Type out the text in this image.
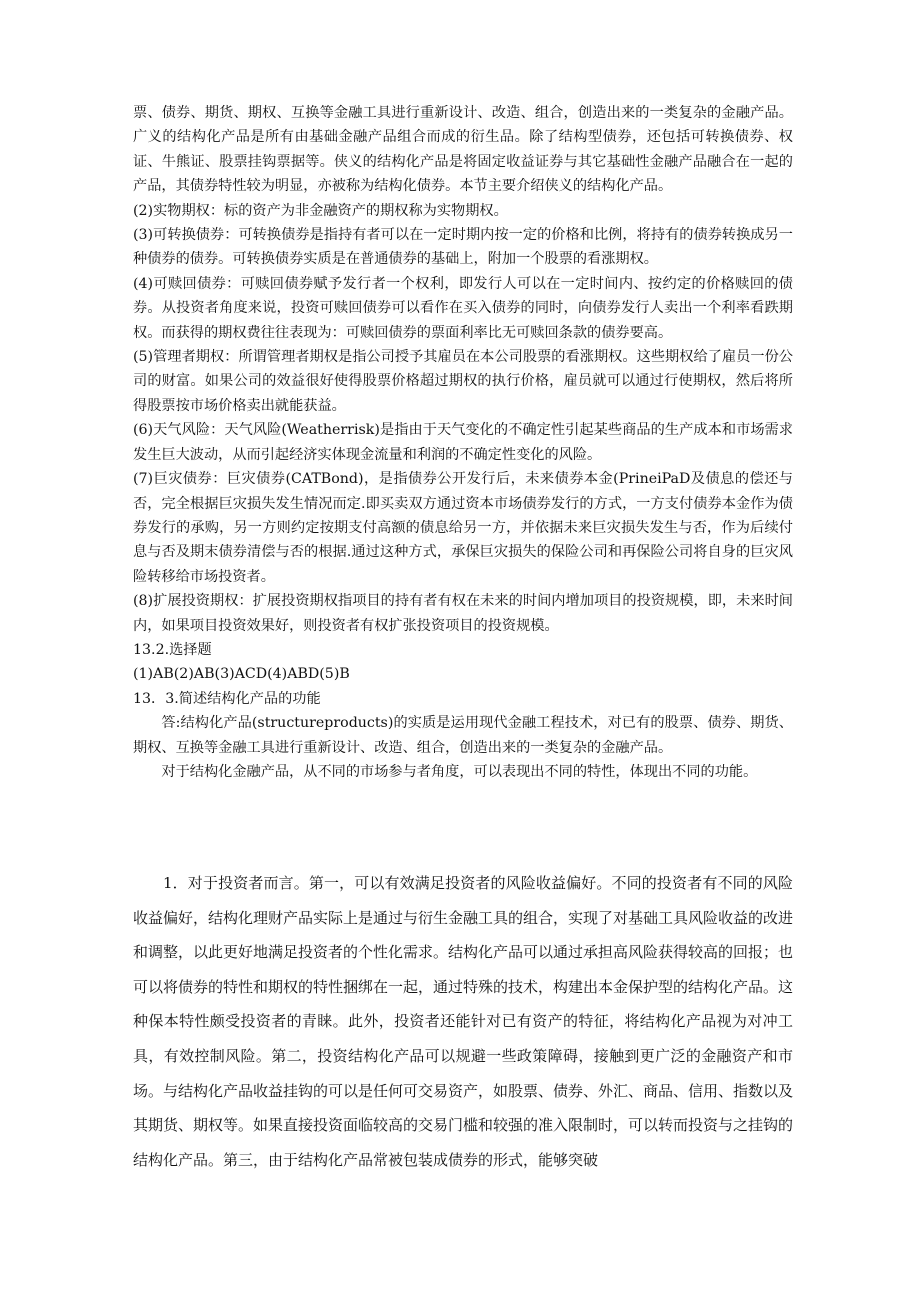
票、债券、期货、期权、互换等金融工具进行重新设计、改造、组合，创造出来的一类复杂的金融产品。广义的结构化产品是所有由基础金融产品组合而成的衍生品。除了结构型债券，还包括可转换债券、权证、牛熊证、股票挂钩票据等。侠义的结构化产品是将固定收益证券与其它基础性金融产品融合在一起的产品，其债券特性较为明显，亦被称为结构化债券。本节主要介绍侠义的结构化产品。

(2)实物期权：标的资产为非金融资产的期权称为实物期权。

(3)可转换债券：可转换债券是指持有者可以在一定时期内按一定的价格和比例，将持有的债券转换成另一种债券的债券。可转换债券实质是在普通债券的基础上，附加一个股票的看涨期权。

(4)可赎回债券：可赎回债券赋予发行者一个权利，即发行人可以在一定时间内、按约定的价格赎回的债券。从投资者角度来说，投资可赎回债券可以看作在买入债券的同时，向债券发行人卖出一个利率看跌期权。而获得的期权费往往表现为：可赎回债券的票面利率比无可赎回条款的债券要高。

(5)管理者期权：所谓管理者期权是指公司授予其雇员在本公司股票的看涨期权。这些期权给了雇员一份公司的财富。如果公司的效益很好使得股票价格超过期权的执行价格，雇员就可以通过行使期权，然后将所得股票按市场价格卖出就能获益。

(6)天气风险：天气风险(Weatherrisk)是指由于天气变化的不确定性引起某些商品的生产成本和市场需求发生巨大波动，从而引起经济实体现金流量和利润的不确定性变化的风险。

(7)巨灾债券：巨灾债券(CATBond)，是指债券公开发行后，未来债券本金(PrineiPaD及债息的偿还与否，完全根据巨灾损失发生情况而定.即买卖双方通过资本市场债券发行的方式，一方支付债券本金作为债券发行的承购，另一方则约定按期支付高额的债息给另一方，并依据未来巨灾损失发生与否，作为后续付息与否及期末债券清偿与否的根据.通过这种方式，承保巨灾损失的保险公司和再保险公司将自身的巨灾风险转移给市场投资者。

(8)扩展投资期权：扩展投资期权指项目的持有者有权在未来的时间内增加项目的投资规模，即，未来时间内，如果项目投资效果好，则投资者有权扩张投资项目的投资规模。

13.2.选择题

(1)AB(2)AB(3)ACD(4)ABD(5)B

13．3.简述结构化产品的功能

答:结构化产品(structureproducts)的实质是运用现代金融工程技术，对已有的股票、债券、期货、期权、互换等金融工具进行重新设计、改造、组合，创造出来的一类复杂的金融产品。

对于结构化金融产品，从不同的市场参与者角度，可以表现出不同的特性，体现出不同的功能。

1．对于投资者而言。第一，可以有效满足投资者的风险收益偏好。不同的投资者有不同的风险收益偏好，结构化理财产品实际上是通过与衍生金融工具的组合，实现了对基础工具风险收益的改进和调整，以此更好地满足投资者的个性化需求。结构化产品可以通过承担高风险获得较高的回报；也可以将债券的特性和期权的特性捆绑在一起，通过特殊的技术，构建出本金保护型的结构化产品。这种保本特性颇受投资者的青睐。此外，投资者还能针对已有资产的特征，将结构化产品视为对冲工具，有效控制风险。第二，投资结构化产品可以规避一些政策障碍，接触到更广泛的金融资产和市场。与结构化产品收益挂钩的可以是任何可交易资产，如股票、债券、外汇、商品、信用、指数以及其期货、期权等。如果直接投资面临较高的交易门槛和较强的准入限制时，可以转而投资与之挂钩的结构化产品。第三，由于结构化产品常被包装成债券的形式，能够突破
